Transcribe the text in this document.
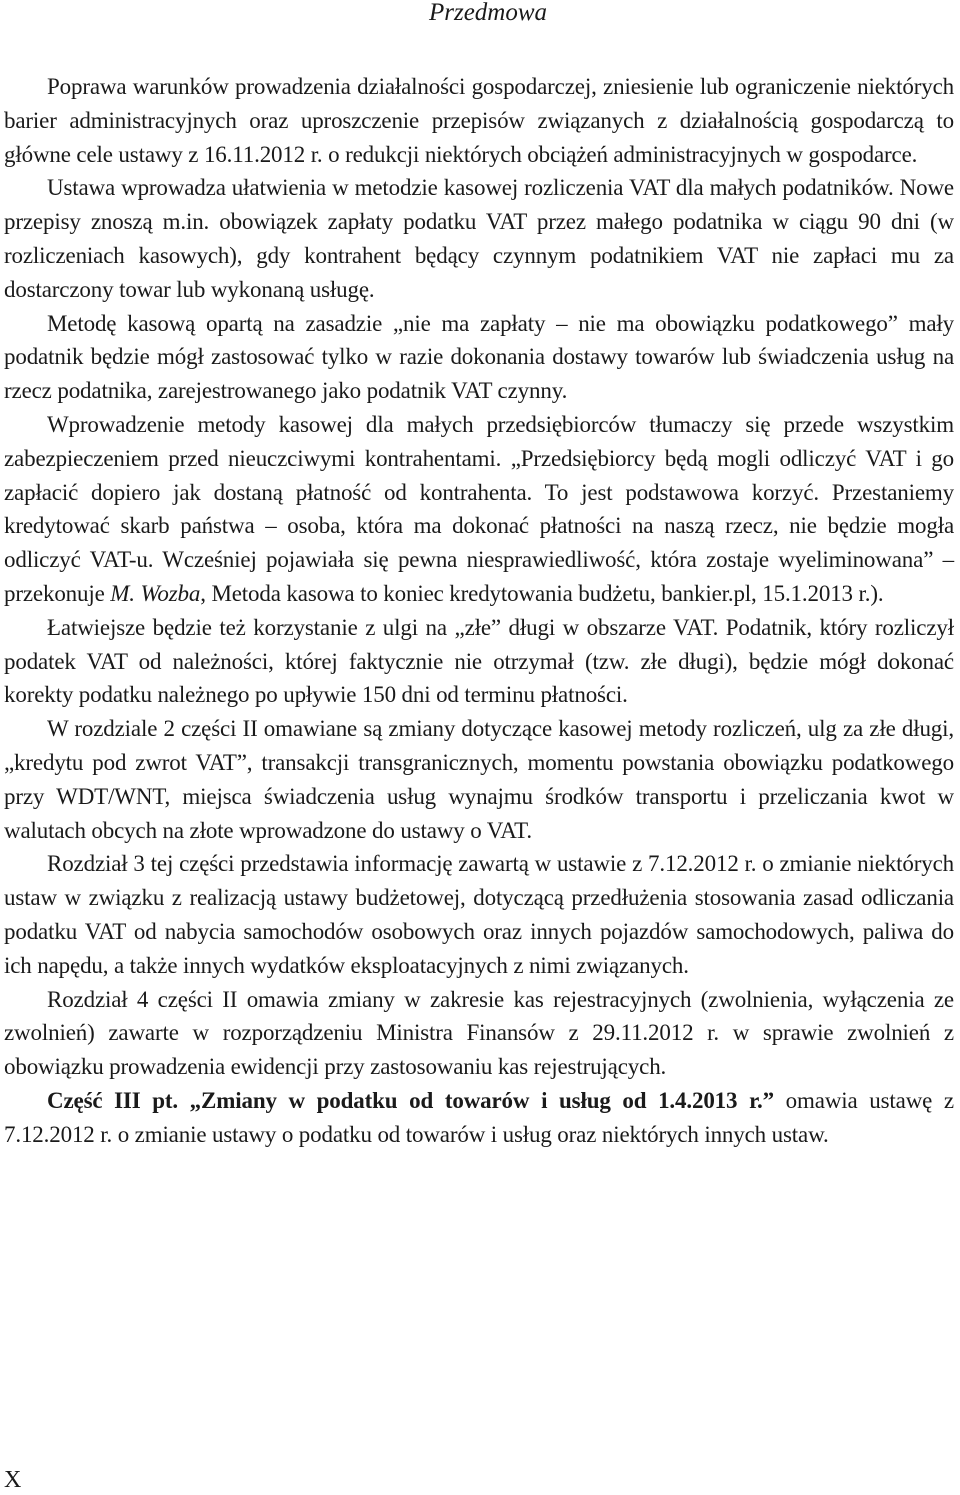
Przedmowa

Poprawa warunków prowadzenia działalności gospodarczej, zniesienie lub ograniczenie niektórych barier administracyjnych oraz uproszczenie przepisów związanych z działalnością gospodarczą to główne cele ustawy z 16.11.2012 r. o redukcji niektórych obciążeń administracyjnych w gospodarce.

Ustawa wprowadza ułatwienia w metodzie kasowej rozliczenia VAT dla małych podatników. Nowe przepisy znoszą m.in. obowiązek zapłaty podatku VAT przez małego podatnika w ciągu 90 dni (w rozliczeniach kasowych), gdy kontrahent będący czynnym podatnikiem VAT nie zapłaci mu za dostarczony towar lub wykonaną usługę.

Metodę kasową opartą na zasadzie „nie ma zapłaty – nie ma obowiązku podatkowego” mały podatnik będzie mógł zastosować tylko w razie dokonania dostawy towarów lub świadczenia usług na rzecz podatnika, zarejestrowanego jako podatnik VAT czynny.

Wprowadzenie metody kasowej dla małych przedsiębiorców tłumaczy się przede wszystkim zabezpieczeniem przed nieuczciwymi kontrahentami. „Przedsiębiorcy będą mogli odliczyć VAT i go zapłacić dopiero jak dostaną płatność od kontrahenta. To jest podstawowa korzyć. Przestaniemy kredytować skarb państwa – osoba, która ma dokonać płatności na naszą rzecz, nie będzie mogła odliczyć VAT-u. Wcześniej pojawiała się pewna niesprawiedliwość, która zostaje wyeliminowana” – przekonuje M. Wozba, Metoda kasowa to koniec kredytowania budżetu, bankier.pl, 15.1.2013 r.).

Łatwiejsze będzie też korzystanie z ulgi na „złe” długi w obszarze VAT. Podatnik, który rozliczył podatek VAT od należności, której faktycznie nie otrzymał (tzw. złe długi), będzie mógł dokonać korekty podatku należnego po upływie 150 dni od terminu płatności.

W rozdziale 2 części II omawiane są zmiany dotyczące kasowej metody rozliczeń, ulg za złe długi, „kredytu pod zwrot VAT”, transakcji transgranicznych, momentu powstania obowiązku podatkowego przy WDT/WNT, miejsca świadczenia usług wynajmu środków transportu i przeliczania kwot w walutach obcych na złote wprowadzone do ustawy o VAT.

Rozdział 3 tej części przedstawia informację zawartą w ustawie z 7.12.2012 r. o zmianie niektórych ustaw w związku z realizacją ustawy budżetowej, dotyczącą przedłużenia stosowania zasad odliczania podatku VAT od nabycia samochodów osobowych oraz innych pojazdów samochodowych, paliwa do ich napędu, a także innych wydatków eksploatacyjnych z nimi związanych.

Rozdział 4 części II omawia zmiany w zakresie kas rejestracyjnych (zwolnienia, wyłączenia ze zwolnień) zawarte w rozporządzeniu Ministra Finansów z 29.11.2012 r. w sprawie zwolnień z obowiązku prowadzenia ewidencji przy zastosowaniu kas rejestrujących.

Część III pt. „Zmiany w podatku od towarów i usług od 1.4.2013 r.” omawia ustawę z 7.12.2012 r. o zmianie ustawy o podatku od towarów i usług oraz niektórych innych ustaw.

X
